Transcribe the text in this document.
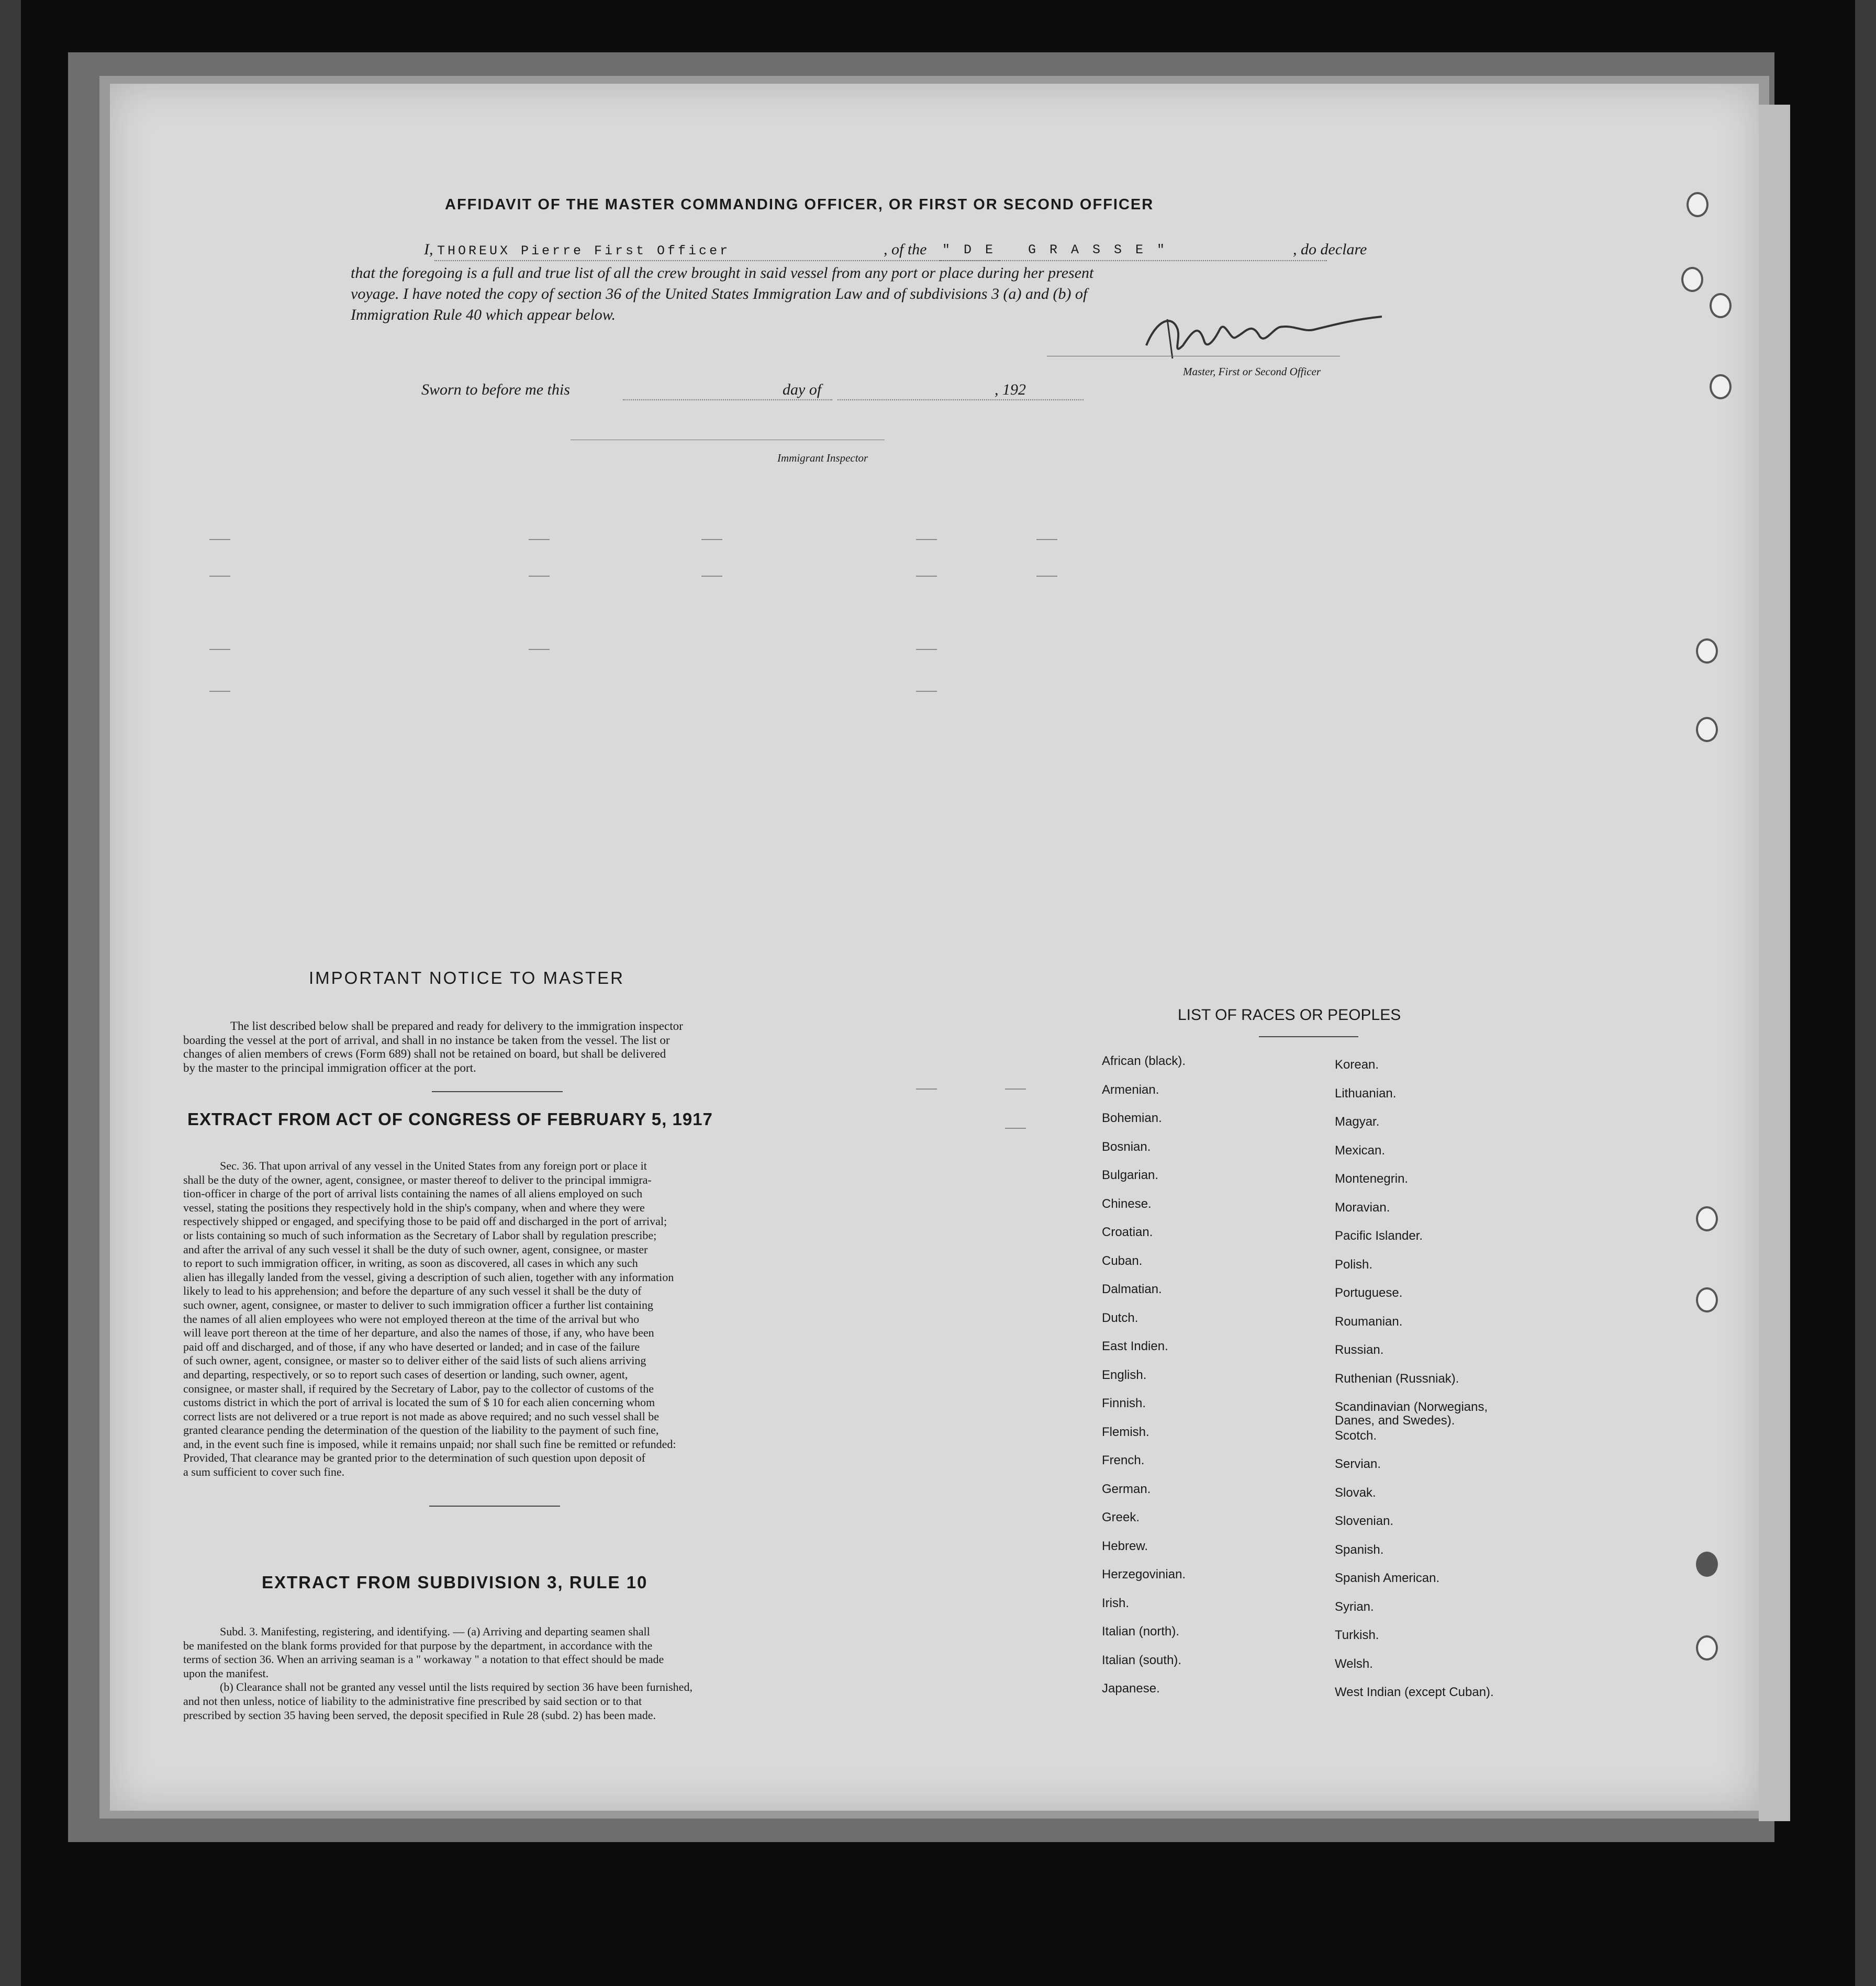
AFFIDAVIT OF THE MASTER COMMANDING OFFICER, OR FIRST OR SECOND OFFICER
I, THOREUX Pierre First Officer	, of the "DE GRASSE"	, do declare
that the foregoing is a full and true list of all the crew brought in said vessel from any port or place during her present
voyage. I have noted the copy of section 36 of the United States Immigration Law and of subdivisions 3 (a) and (b) of
Immigration Rule 40 which appear below.
Master, First or Second Officer
Sworn to before me this	day of	, 192
Immigrant Inspector
IMPORTANT NOTICE TO MASTER

The list described below shall be prepared and ready for delivery to the immigration inspector

boarding the vessel at the port of arrival, and shall in no instance be taken from the vessel. The list or

changes of alien members of crews (Form 689) shall not be retained on board, but shall be delivered

by the master to the principal immigration officer at the port.

EXTRACT FROM ACT OF CONGRESS OF FEBRUARY 5, 1917

Sec. 36. That upon arrival of any vessel in the United States from any foreign port or place it

shall be the duty of the owner, agent, consignee, or master thereof to deliver to the principal immigra-

tion-officer in charge of the port of arrival lists containing the names of all aliens employed on such

vessel, stating the positions they respectively hold in the ship's company, when and where they were

respectively shipped or engaged, and specifying those to be paid off and discharged in the port of arrival;

or lists containing so much of such information as the Secretary of Labor shall by regulation prescribe;

and after the arrival of any such vessel it shall be the duty of such owner, agent, consignee, or master

to report to such immigration officer, in writing, as soon as discovered, all cases in which any such

alien has illegally landed from the vessel, giving a description of such alien, together with any information

likely to lead to his apprehension; and before the departure of any such vessel it shall be the duty of

such owner, agent, consignee, or master to deliver to such immigration officer a further list containing

the names of all alien employees who were not employed thereon at the time of the arrival but who

will leave port thereon at the time of her departure, and also the names of those, if any, who have been

paid off and discharged, and of those, if any who have deserted or landed; and in case of the failure

of such owner, agent, consignee, or master so to deliver either of the said lists of such aliens arriving

and departing, respectively, or so to report such cases of desertion or landing, such owner, agent,

consignee, or master shall, if required by the Secretary of Labor, pay to the collector of customs of the

customs district in which the port of arrival is located the sum of $ 10 for each alien concerning whom

correct lists are not delivered or a true report is not made as above required; and no such vessel shall be

granted clearance pending the determination of the question of the liability to the payment of such fine,

and, in the event such fine is imposed, while it remains unpaid; nor shall such fine be remitted or refunded:

Provided, That clearance may be granted prior to the determination of such question upon deposit of

a sum sufficient to cover such fine.

EXTRACT FROM SUBDIVISION 3, RULE 10

Subd. 3. Manifesting, registering, and identifying. — (a) Arriving and departing seamen shall

be manifested on the blank forms provided for that purpose by the department, in accordance with the

terms of section 36. When an arriving seaman is a " workaway " a notation to that effect should be made

upon the manifest.

(b) Clearance shall not be granted any vessel until the lists required by section 36 have been furnished,

and not then unless, notice of liability to the administrative fine prescribed by said section or to that

prescribed by section 35 having been served, the deposit specified in Rule 28 (subd. 2) has been made.

LIST OF RACES OR PEOPLES
African (black).
Armenian.
Bohemian.
Bosnian.
Bulgarian.
Chinese.
Croatian.
Cuban.
Dalmatian.
Dutch.
East Indien.
English.
Finnish.
Flemish.
French.
German.
Greek.
Hebrew.
Herzegovinian.
Irish.
Italian (north).
Italian (south).
Japanese.
Korean.
Lithuanian.
Magyar.
Mexican.
Montenegrin.
Moravian.
Pacific Islander.
Polish.
Portuguese.
Roumanian.
Russian.
Ruthenian (Russniak).
Scandinavian (Norwegians, Danes, and Swedes).
Scotch.
Servian.
Slovak.
Slovenian.
Spanish.
Spanish American.
Syrian.
Turkish.
Welsh.
West Indian (except Cuban).
